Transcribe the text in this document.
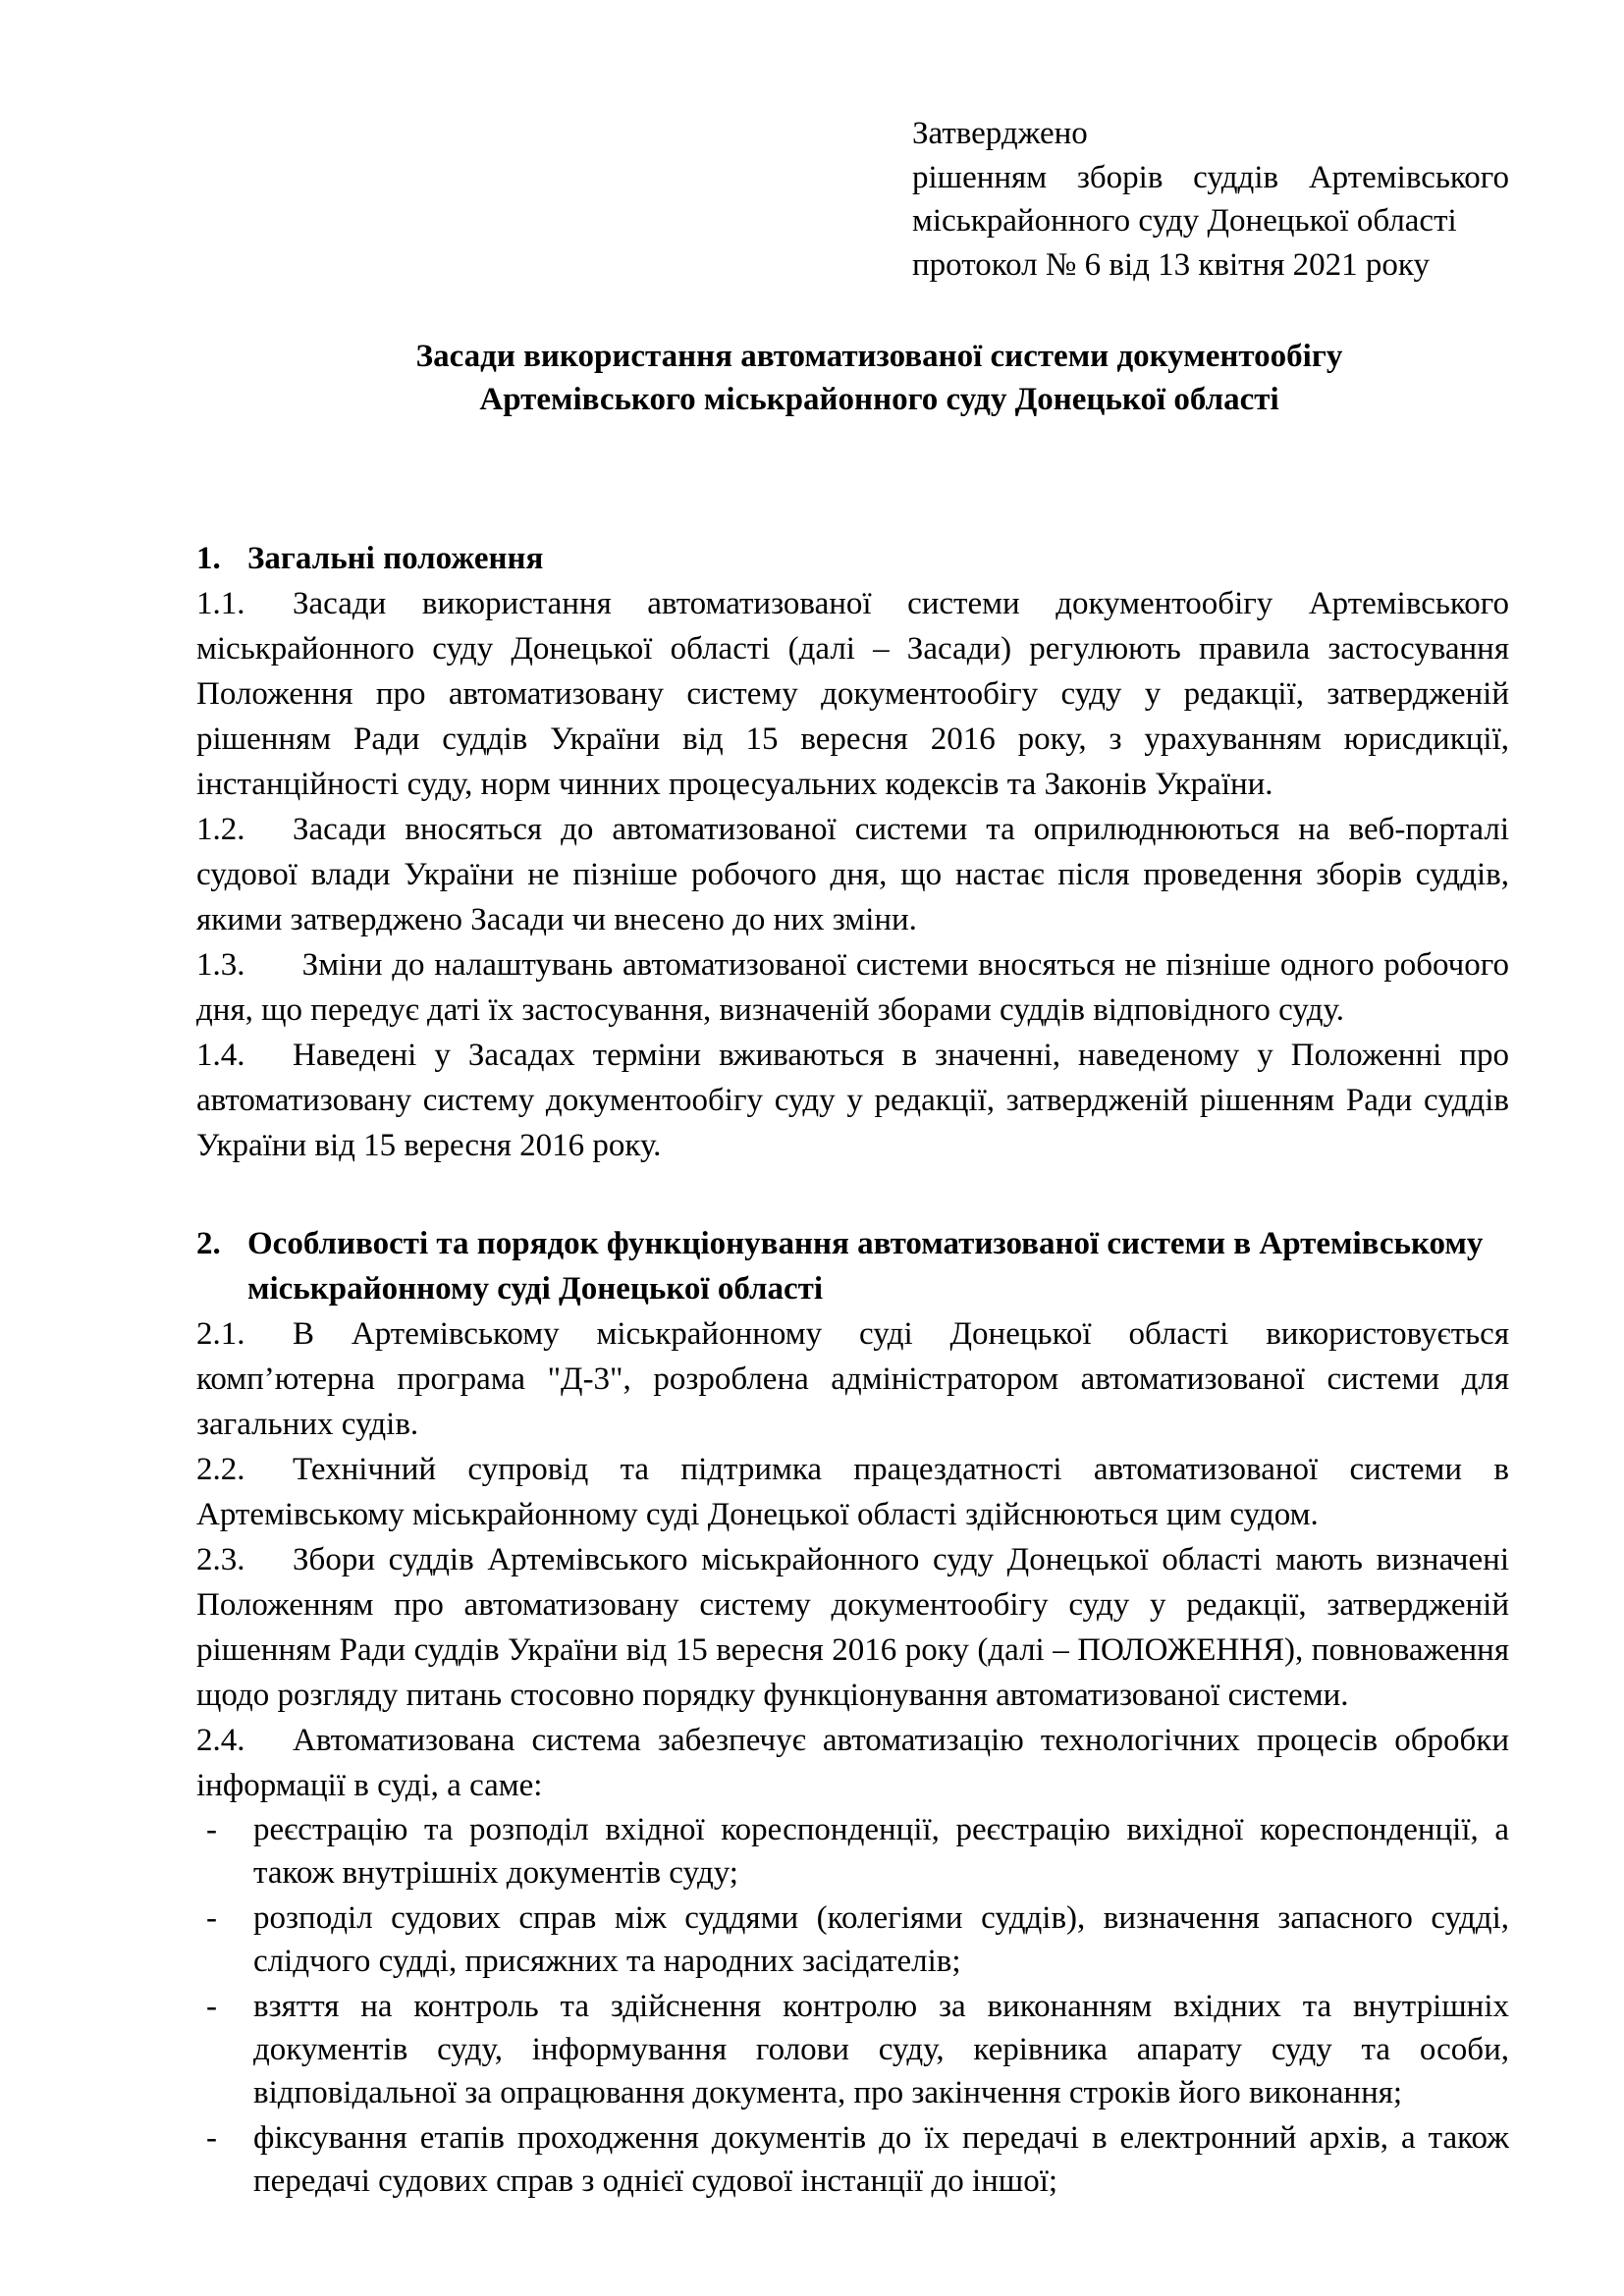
Затверджено
рішенням зборів суддів Артемівського
міськрайонного суду Донецької області
протокол № 6 від 13 квітня 2021 року
Засади використання автоматизованої системи документообігу
Артемівського міськрайонного суду Донецької області
1. Загальні положення

1.1. Засади використання автоматизованої системи документообігу Артемівського міськрайонного суду Донецької області (далі – Засади) регулюють правила застосування Положення про автоматизовану систему документообігу суду у редакції, затвердженій рішенням Ради суддів України від 15 вересня 2016 року, з урахуванням юрисдикції, інстанційності суду, норм чинних процесуальних кодексів та Законів України.

1.2. Засади вносяться до автоматизованої системи та оприлюднюються на веб-порталі судової влади України не пізніше робочого дня, що настає після проведення зборів суддів, якими затверджено Засади чи внесено до них зміни.

1.3. Зміни до налаштувань автоматизованої системи вносяться не пізніше одного робочого дня, що передує даті їх застосування, визначеній зборами суддів відповідного суду.

1.4. Наведені у Засадах терміни вживаються в значенні, наведеному у Положенні про автоматизовану систему документообігу суду у редакції, затвердженій рішенням Ради суддів України від 15 вересня 2016 року.

2. Особливості та порядок функціонування автоматизованої системи в Артемівському міськрайонному суді Донецької області

2.1. В Артемівському міськрайонному суді Донецької області використовується комп’ютерна програма "Д-3", розроблена адміністратором автоматизованої системи для загальних судів.

2.2. Технічний супровід та підтримка працездатності автоматизованої системи в Артемівському міськрайонному суді Донецької області здійснюються цим судом.

2.3. Збори суддів Артемівського міськрайонного суду Донецької області мають визначені Положенням про автоматизовану систему документообігу суду у редакції, затвердженій рішенням Ради суддів України від 15 вересня 2016 року (далі – ПОЛОЖЕННЯ), повноваження щодо розгляду питань стосовно порядку функціонування автоматизованої системи.

2.4. Автоматизована система забезпечує автоматизацію технологічних процесів обробки інформації в суді, а саме:

- реєстрацію та розподіл вхідної кореспонденції, реєстрацію вихідної кореспонденції, а також внутрішніх документів суду;
- розподіл судових справ між суддями (колегіями суддів), визначення запасного судді, слідчого судді, присяжних та народних засідателів;
- взяття на контроль та здійснення контролю за виконанням вхідних та внутрішніх документів суду, інформування голови суду, керівника апарату суду та особи, відповідальної за опрацювання документа, про закінчення строків його виконання;
- фіксування етапів проходження документів до їх передачі в електронний архів, а також передачі судових справ з однієї судової інстанції до іншої;
